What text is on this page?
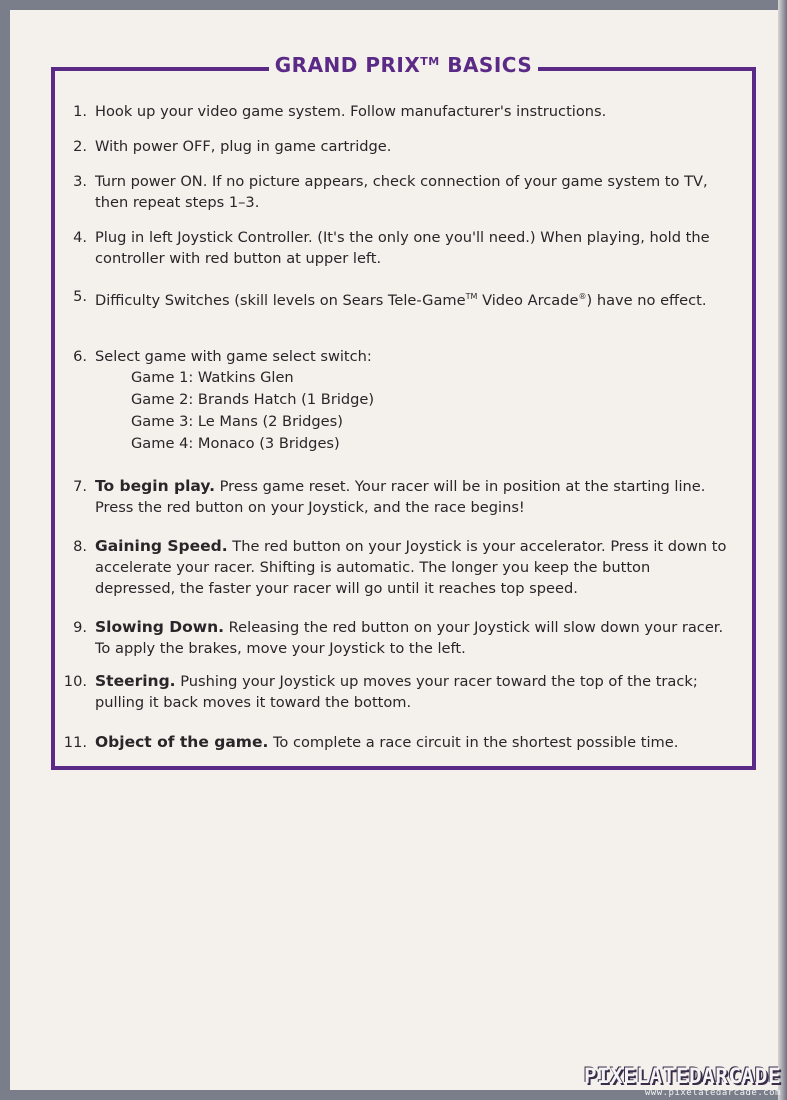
GRAND PRIX™ BASICS
1. Hook up your video game system. Follow manufacturer's instructions.
2. With power OFF, plug in game cartridge.
3. Turn power ON. If no picture appears, check connection of your game system to TV, then repeat steps 1–3.
4. Plug in left Joystick Controller. (It's the only one you'll need.) When playing, hold the controller with red button at upper left.
5. Difficulty Switches (skill levels on Sears Tele-Game™ Video Arcade®) have no effect.
6. Select game with game select switch:
Game 1: Watkins Glen
Game 2: Brands Hatch (1 Bridge)
Game 3: Le Mans (2 Bridges)
Game 4: Monaco (3 Bridges)
7. To begin play. Press game reset. Your racer will be in position at the starting line. Press the red button on your Joystick, and the race begins!
8. Gaining Speed. The red button on your Joystick is your accelerator. Press it down to accelerate your racer. Shifting is automatic. The longer you keep the button depressed, the faster your racer will go until it reaches top speed.
9. Slowing Down. Releasing the red button on your Joystick will slow down your racer. To apply the brakes, move your Joystick to the left.
10. Steering. Pushing your Joystick up moves your racer toward the top of the track; pulling it back moves it toward the bottom.
11. Object of the game. To complete a race circuit in the shortest possible time.
PIXELATEDARCADE
www.pixelatedarcade.com
